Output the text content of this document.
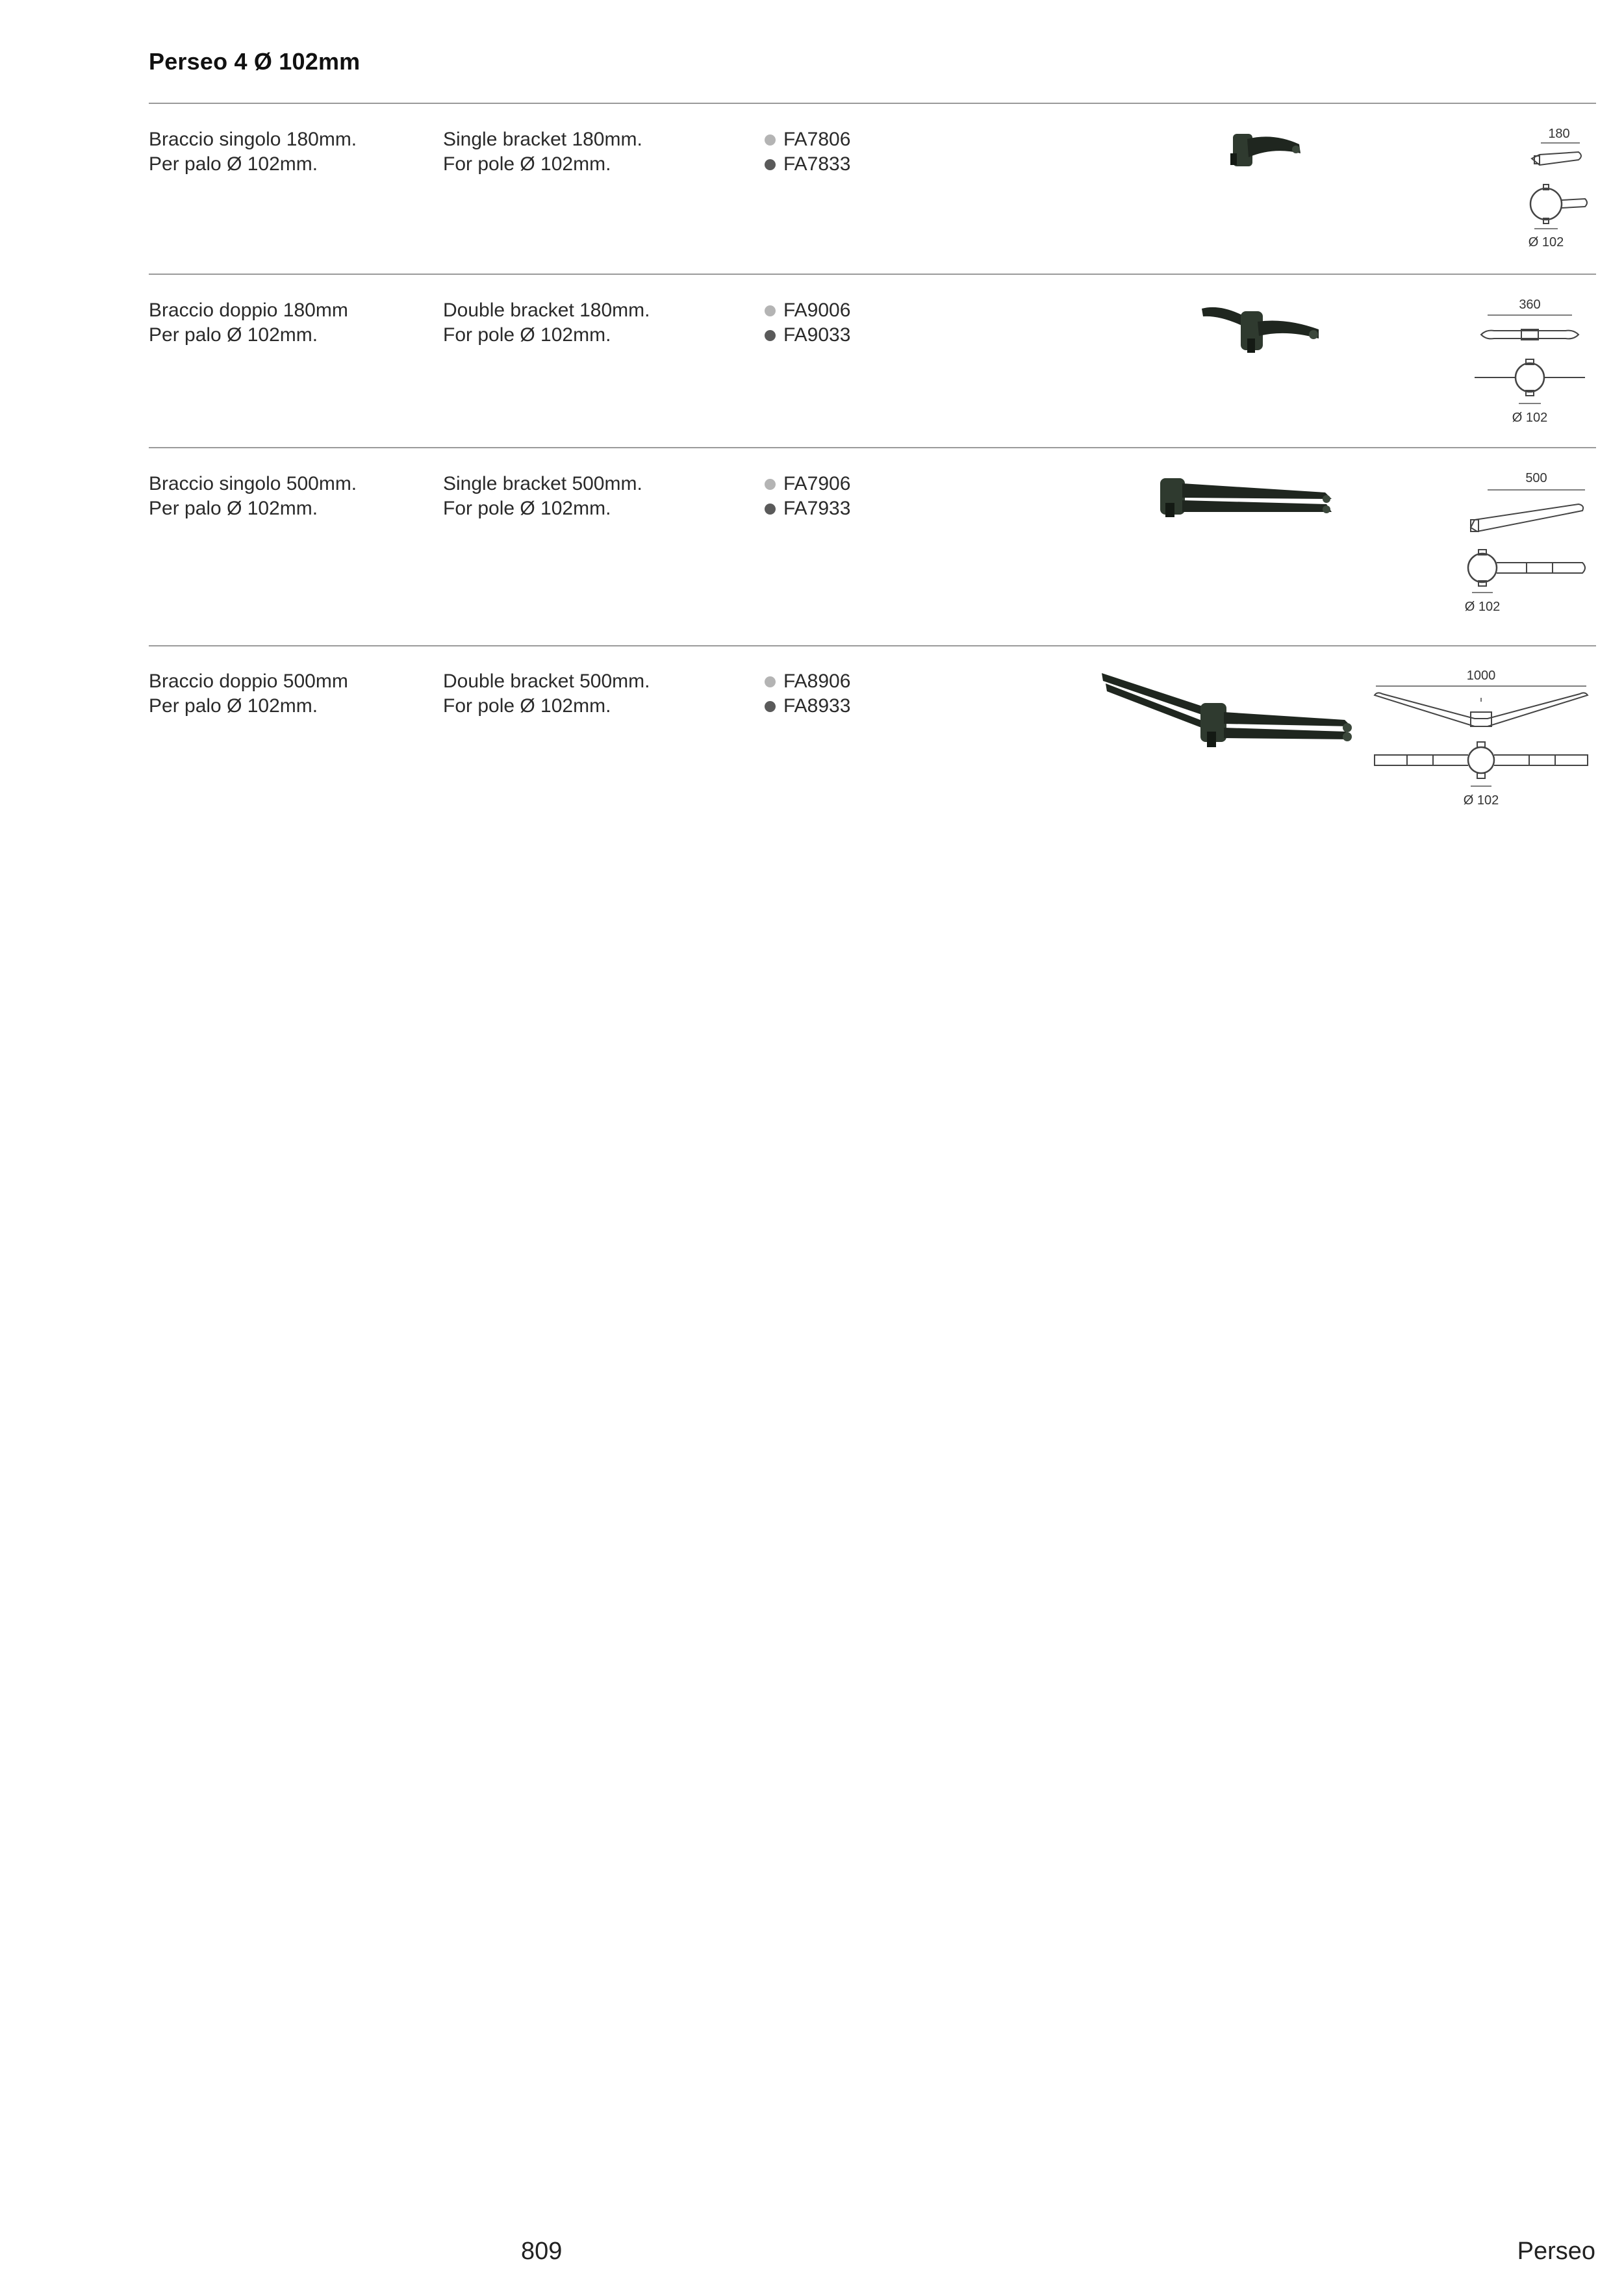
Perseo 4 Ø 102mm
Braccio singolo 180mm.
Per palo Ø 102mm.
Single bracket 180mm.
For pole Ø 102mm.
FA7806
FA7833
180
Ø 102
Braccio doppio 180mm
Per palo Ø 102mm.
Double bracket 180mm.
For pole Ø 102mm.
FA9006
FA9033
360
Ø 102
Braccio singolo 500mm.
Per palo Ø 102mm.
Single bracket 500mm.
For pole Ø 102mm.
FA7906
FA7933
500
Ø 102
Braccio doppio 500mm
Per palo Ø 102mm.
Double bracket 500mm.
For pole Ø 102mm.
FA8906
FA8933
1000
Ø 102
809	Perseo
